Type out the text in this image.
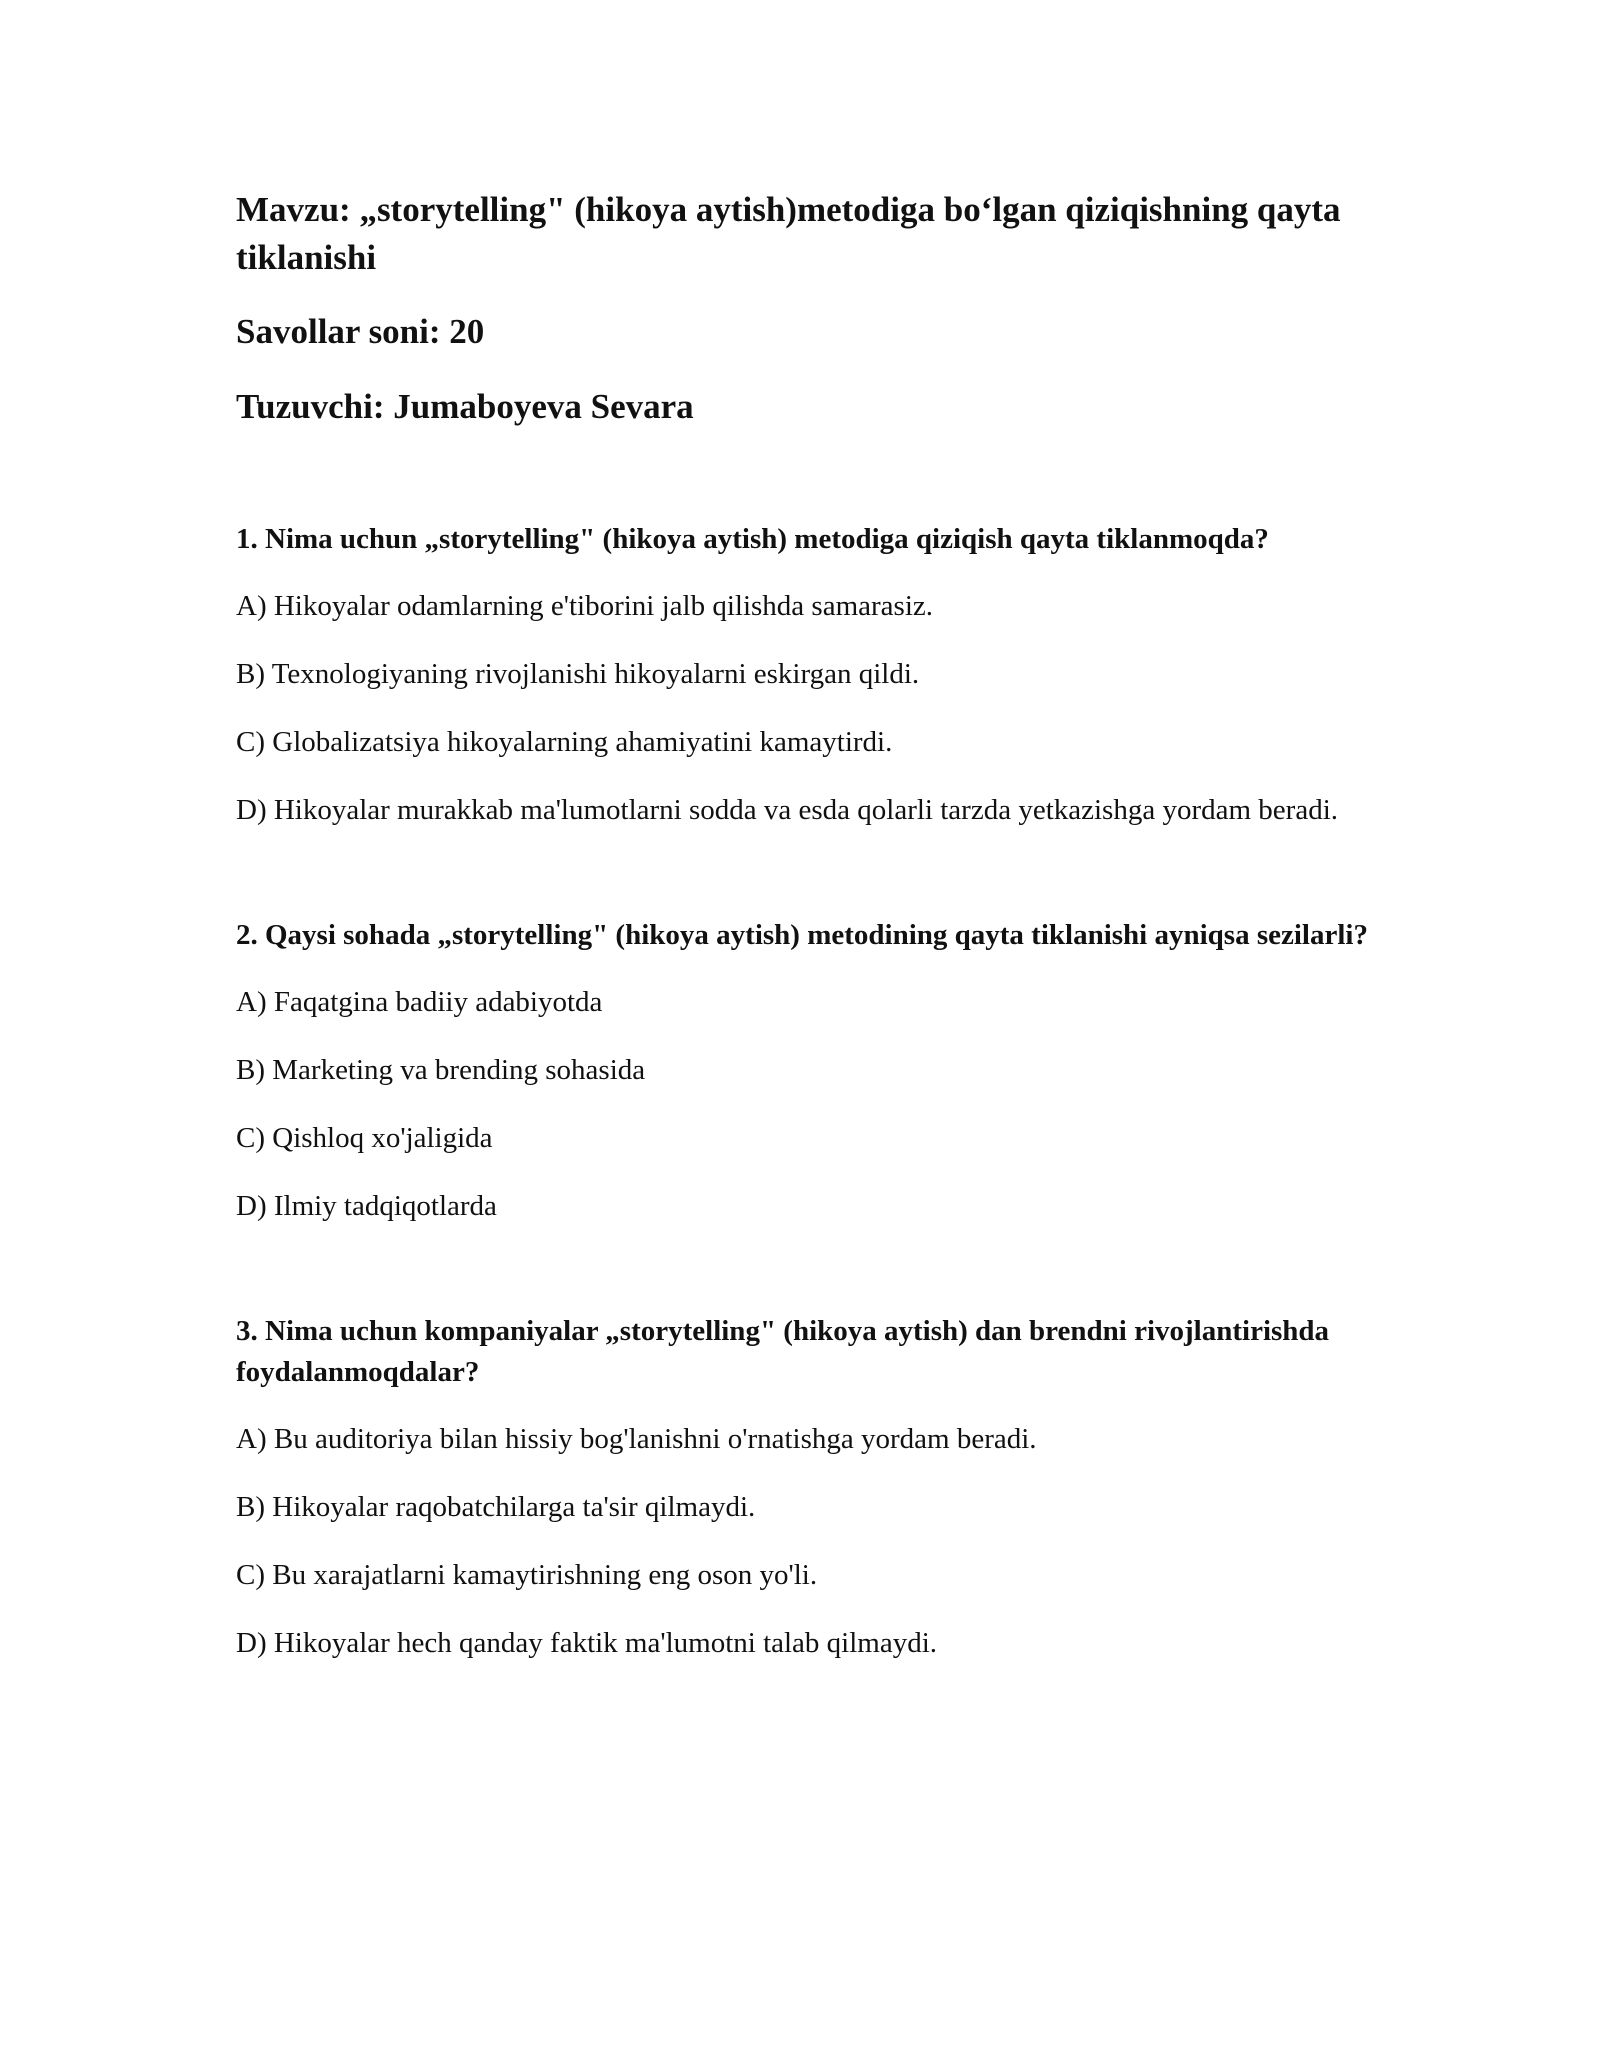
Mavzu: „storytelling" (hikoya aytish)metodiga bo‘lgan qiziqishning qayta tiklanishi

Savollar soni: 20

Tuzuvchi: Jumaboyeva Sevara

1. Nima uchun „storytelling" (hikoya aytish) metodiga qiziqish qayta tiklanmoqda?

A) Hikoyalar odamlarning e'tiborini jalb qilishda samarasiz.

B) Texnologiyaning rivojlanishi hikoyalarni eskirgan qildi.

C) Globalizatsiya hikoyalarning ahamiyatini kamaytirdi.

D) Hikoyalar murakkab ma'lumotlarni sodda va esda qolarli tarzda yetkazishga yordam beradi.

2. Qaysi sohada „storytelling" (hikoya aytish) metodining qayta tiklanishi ayniqsa sezilarli?

A) Faqatgina badiiy adabiyotda

B) Marketing va brending sohasida

C) Qishloq xo'jaligida

D) Ilmiy tadqiqotlarda

3. Nima uchun kompaniyalar „storytelling" (hikoya aytish) dan brendni rivojlantirishda foydalanmoqdalar?

A) Bu auditoriya bilan hissiy bog'lanishni o'rnatishga yordam beradi.

B) Hikoyalar raqobatchilarga ta'sir qilmaydi.

C) Bu xarajatlarni kamaytirishning eng oson yo'li.

D) Hikoyalar hech qanday faktik ma'lumotni talab qilmaydi.
